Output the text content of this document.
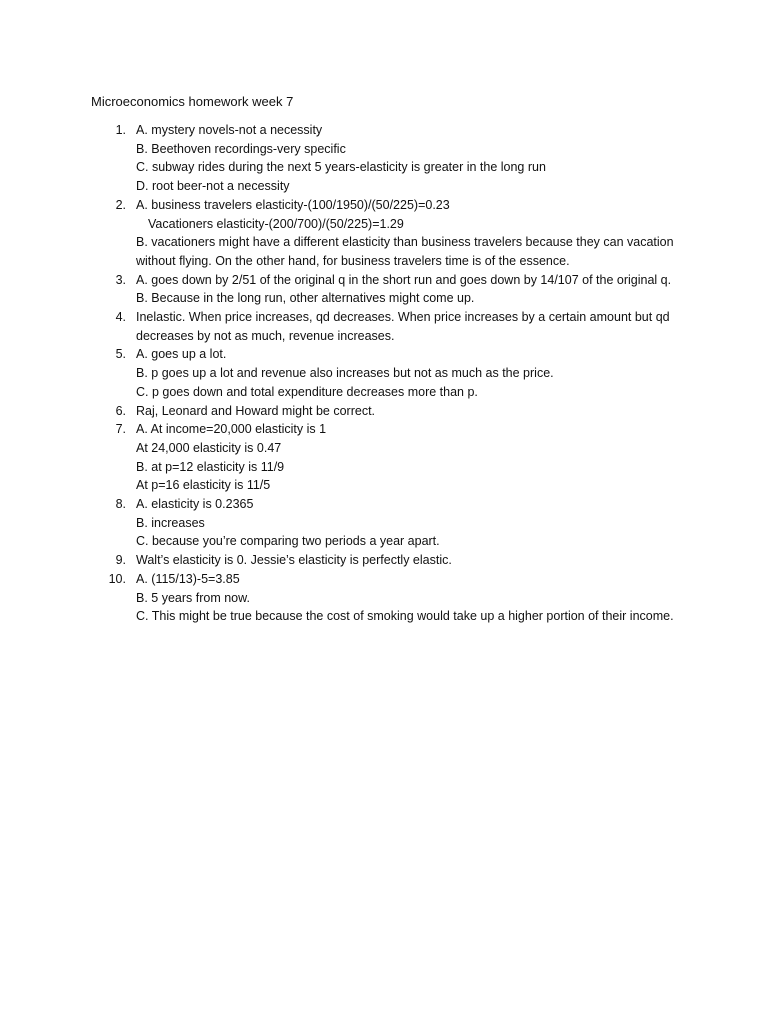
Microeconomics homework week 7
1. A. mystery novels-not a necessity
B. Beethoven recordings-very specific
C. subway rides during the next 5 years-elasticity is greater in the long run
D. root beer-not a necessity
2. A. business travelers elasticity-(100/1950)/(50/225)=0.23
Vacationers elasticity-(200/700)/(50/225)=1.29
B. vacationers might have a different elasticity than business travelers because they can vacation without flying. On the other hand, for business travelers time is of the essence.
3. A. goes down by 2/51 of the original q in the short run and goes down by 14/107 of the original q.
B. Because in the long run, other alternatives might come up.
4. Inelastic. When price increases, qd decreases. When price increases by a certain amount but qd decreases by not as much, revenue increases.
5. A. goes up a lot.
B. p goes up a lot and revenue also increases but not as much as the price.
C. p goes down and total expenditure decreases more than p.
6. Raj, Leonard and Howard might be correct.
7. A. At income=20,000 elasticity is 1
At 24,000 elasticity is 0.47
B. at p=12 elasticity is 11/9
At p=16 elasticity is 11/5
8. A. elasticity is 0.2365
B. increases
C. because you’re comparing two periods a year apart.
9. Walt’s elasticity is 0. Jessie’s elasticity is perfectly elastic.
10. A. (115/13)-5=3.85
B. 5 years from now.
C. This might be true because the cost of smoking would take up a higher portion of their income.
